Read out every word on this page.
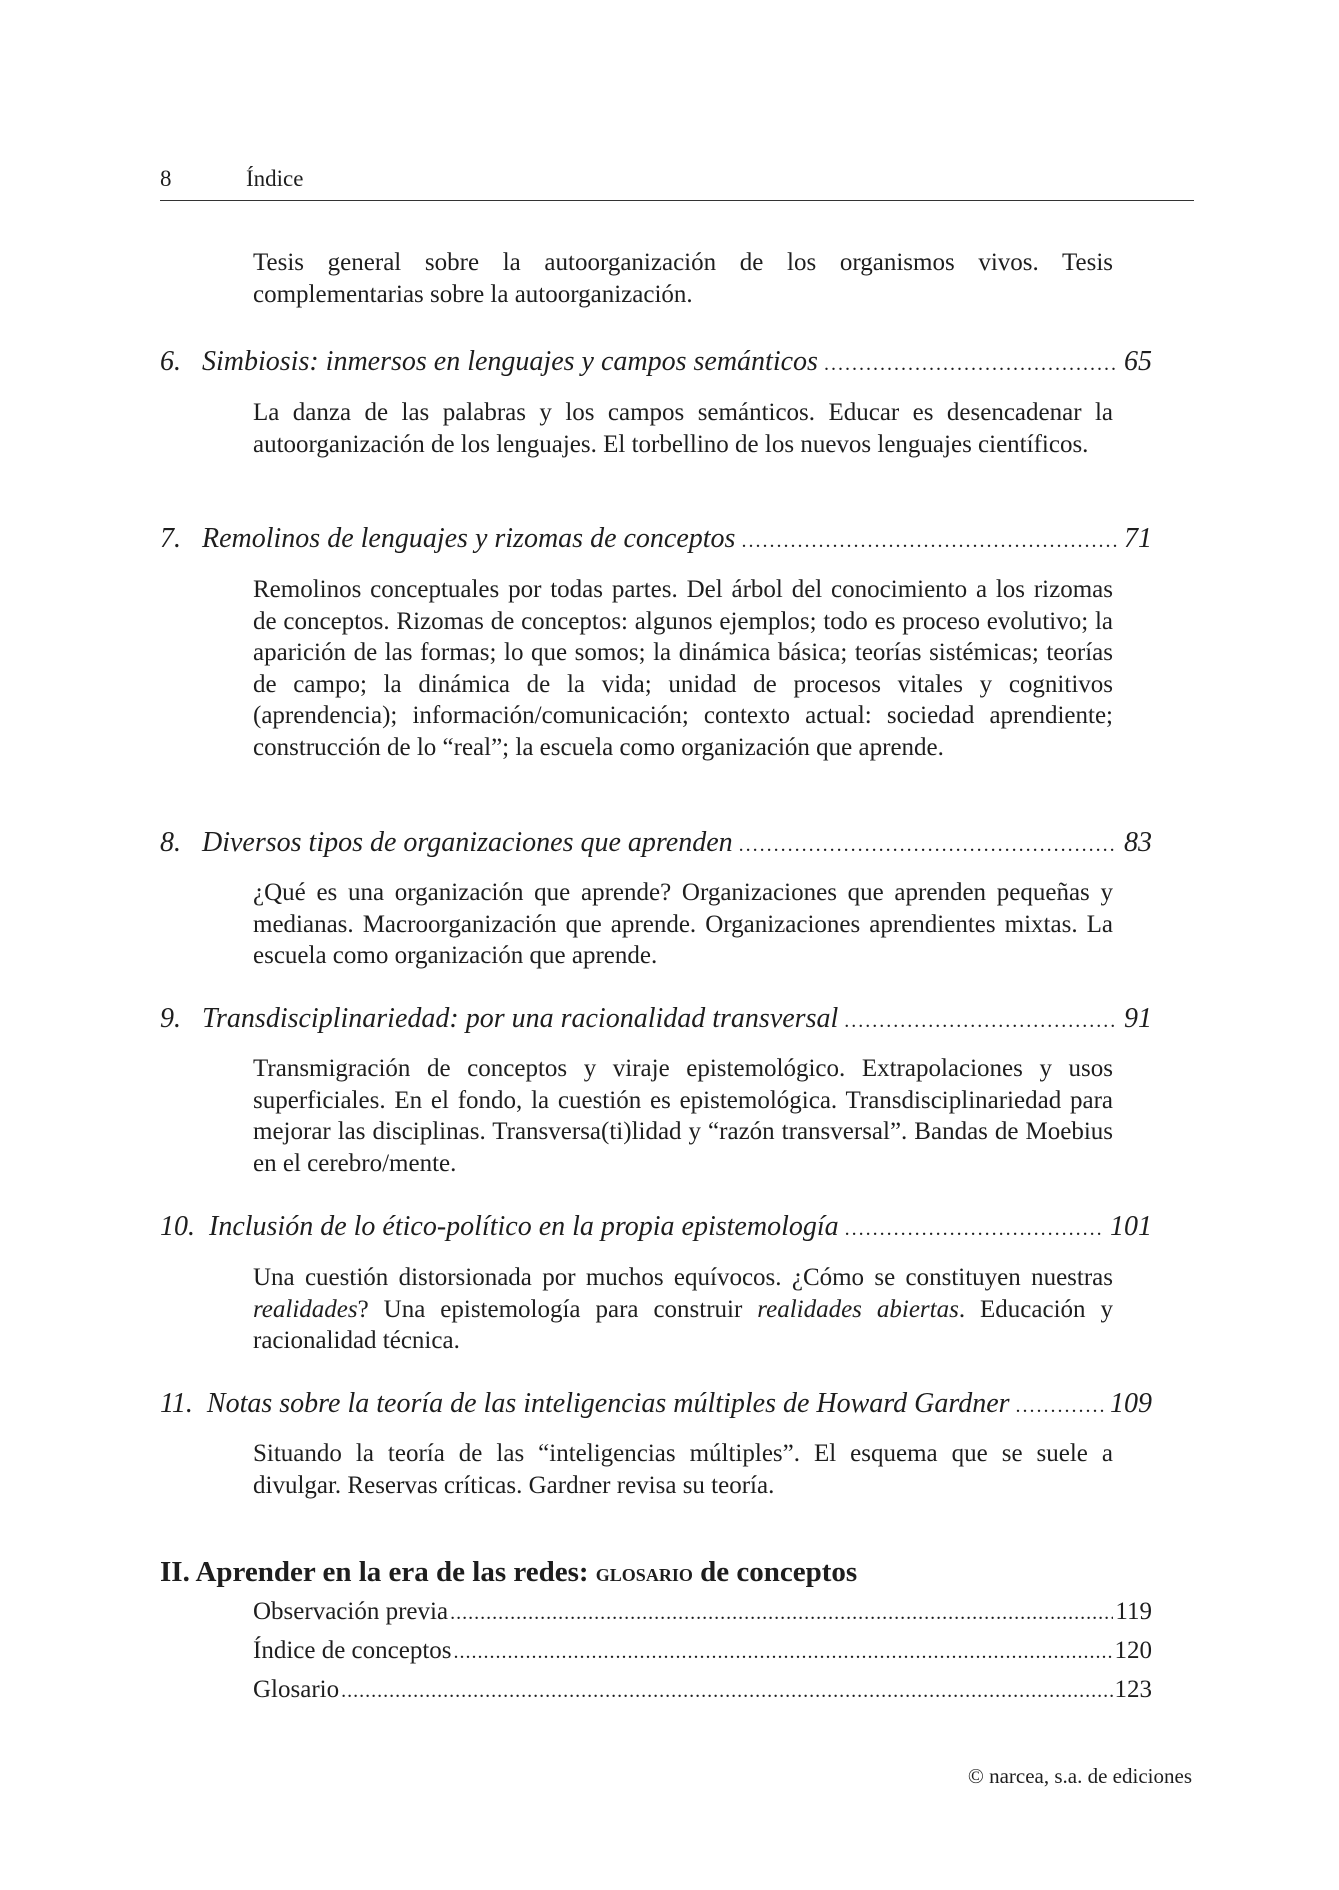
8	Índice

Tesis general sobre la autoorganización de los organismos vivos. Tesis complementarias sobre la autoorganización.

6. Simbiosis: inmersos en lenguajes y campos semánticos .....	65

La danza de las palabras y los campos semánticos. Educar es desencadenar la autoorganización de los lenguajes. El torbellino de los nuevos lenguajes científicos.

7. Remolinos de lenguajes y rizomas de conceptos .....	71

Remolinos conceptuales por todas partes. Del árbol del conocimiento a los rizomas de conceptos. Rizomas de conceptos: algunos ejemplos; todo es proceso evolutivo; la aparición de las formas; lo que somos; la dinámica básica; teorías sistémicas; teorías de campo; la dinámica de la vida; unidad de procesos vitales y cognitivos (aprendencia); información/comunicación; contexto actual: sociedad aprendiente; construcción de lo “real”; la escuela como organización que aprende.

8. Diversos tipos de organizaciones que aprenden .....	83

¿Qué es una organización que aprende? Organizaciones que aprenden pequeñas y medianas. Macroorganización que aprende. Organizaciones aprendientes mixtas. La escuela como organización que aprende.

9. Transdisciplinariedad: por una racionalidad transversal .....	91

Transmigración de conceptos y viraje epistemológico. Extrapolaciones y usos superficiales. En el fondo, la cuestión es epistemológica. Transdisciplinariedad para mejorar las disciplinas. Transversa(ti)lidad y “razón transversal”. Bandas de Moebius en el cerebro/mente.

10. Inclusión de lo ético-político en la propia epistemología .....	101

Una cuestión distorsionada por muchos equívocos. ¿Cómo se constituyen nuestras realidades? Una epistemología para construir realidades abiertas. Educación y racionalidad técnica.

11. Notas sobre la teoría de las inteligencias múltiples de Howard Gardner .....	109

Situando la teoría de las “inteligencias múltiples”. El esquema que se suele a divulgar. Reservas críticas. Gardner revisa su teoría.

II. Aprender en la era de las redes: glosario de conceptos
Observación previa .....	119
Índice de conceptos .....	120
Glosario .....	123
© narcea, s.a. de ediciones
